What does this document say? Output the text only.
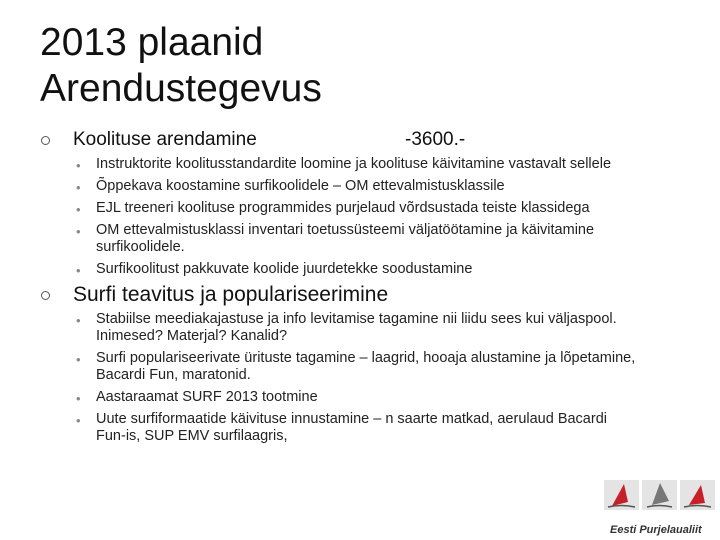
2013 plaanid
Arendustegevus
Koolituse arendamine	-3600.-
• Instruktorite koolitusstandardite loomine ja koolituse käivitamine vastavalt sellele
• Õppekava koostamine surfikoolidele – OM ettevalmistusklassile
• EJL treeneri koolituse programmides purjelaud võrdsustada teiste klassidega
• OM ettevalmistusklassi inventari toetussüsteemi väljatöötamine ja käivitamine surfikoolidele.
• Surfikoolitust pakkuvate koolide juurdetekke soodustamine
Surfi teavitus ja populariseerimine
• Stabiilse meediakajastuse ja info levitamise tagamine nii liidu sees kui väljaspool. Inimesed? Materjal? Kanalid?
• Surfi populariseerivate ürituste tagamine – laagrid, hooaja alustamine ja lõpetamine, Bacardi Fun, maratonid.
• Aastaraamat SURF 2013 tootmine
• Uute surfiformaatide käivituse innustamine – n saarte matkad, aerulaud Bacardi Fun-is, SUP EMV surfilaagris,
Eesti Purjelaualiit
